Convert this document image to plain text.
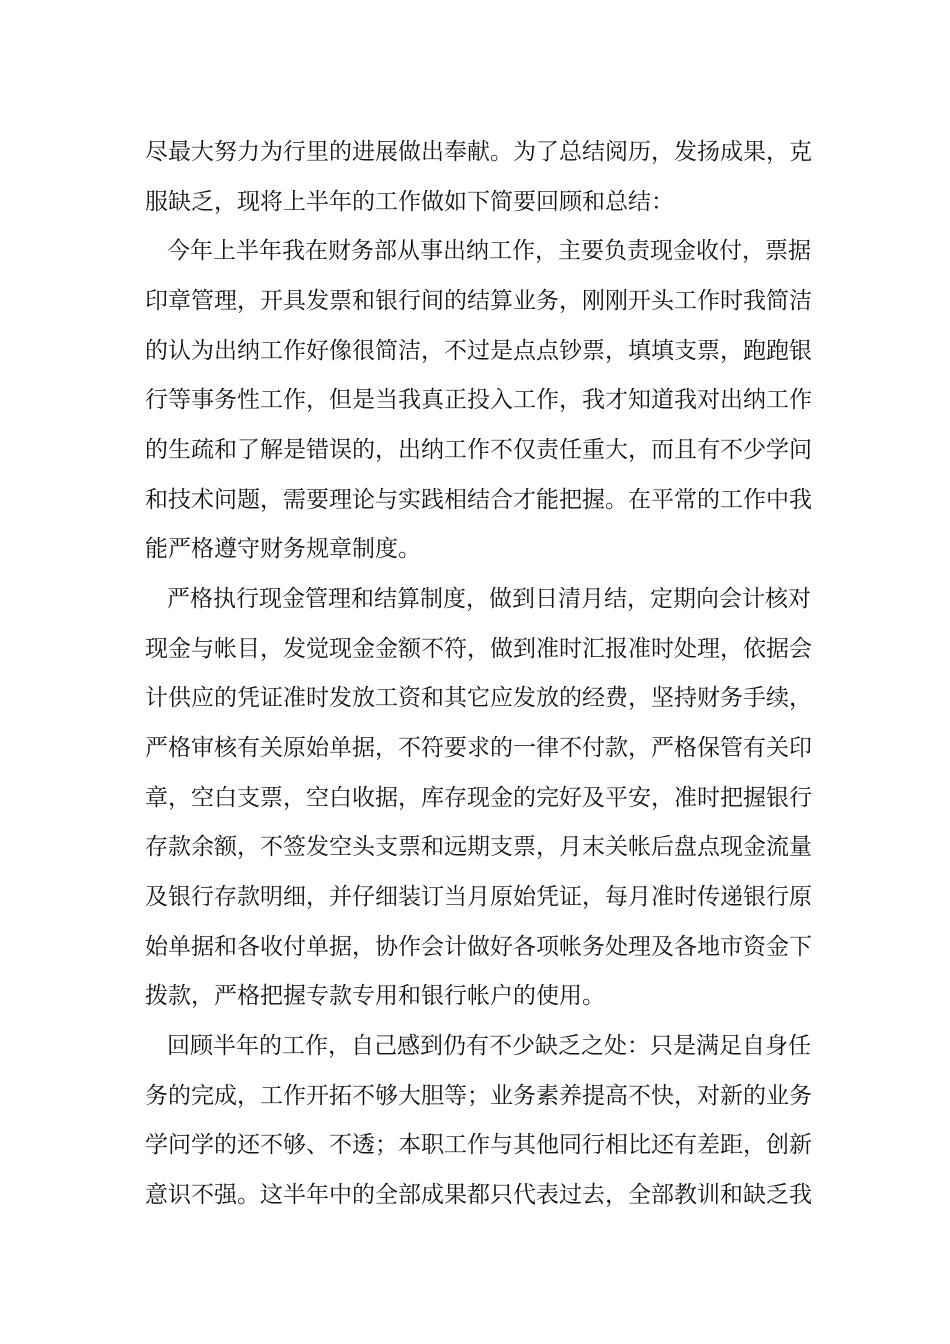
尽最大努力为行里的进展做出奉献。为了总结阅历，发扬成果，克

服缺乏，现将上半年的工作做如下简要回顾和总结：

今年上半年我在财务部从事出纳工作，主要负责现金收付，票据

印章管理，开具发票和银行间的结算业务，刚刚开头工作时我简洁

的认为出纳工作好像很简洁，不过是点点钞票，填填支票，跑跑银

行等事务性工作，但是当我真正投入工作，我才知道我对出纳工作

的生疏和了解是错误的，出纳工作不仅责任重大，而且有不少学问

和技术问题，需要理论与实践相结合才能把握。在平常的工作中我

能严格遵守财务规章制度。

严格执行现金管理和结算制度，做到日清月结，定期向会计核对

现金与帐目，发觉现金金额不符，做到准时汇报准时处理，依据会

计供应的凭证准时发放工资和其它应发放的经费，坚持财务手续，

严格审核有关原始单据，不符要求的一律不付款，严格保管有关印

章，空白支票，空白收据，库存现金的完好及平安，准时把握银行

存款余额，不签发空头支票和远期支票，月末关帐后盘点现金流量

及银行存款明细，并仔细装订当月原始凭证，每月准时传递银行原

始单据和各收付单据，协作会计做好各项帐务处理及各地市资金下

拨款，严格把握专款专用和银行帐户的使用。

回顾半年的工作，自己感到仍有不少缺乏之处：只是满足自身任

务的完成，工作开拓不够大胆等；业务素养提高不快，对新的业务

学问学的还不够、不透；本职工作与其他同行相比还有差距，创新

意识不强。这半年中的全部成果都只代表过去，全部教训和缺乏我
